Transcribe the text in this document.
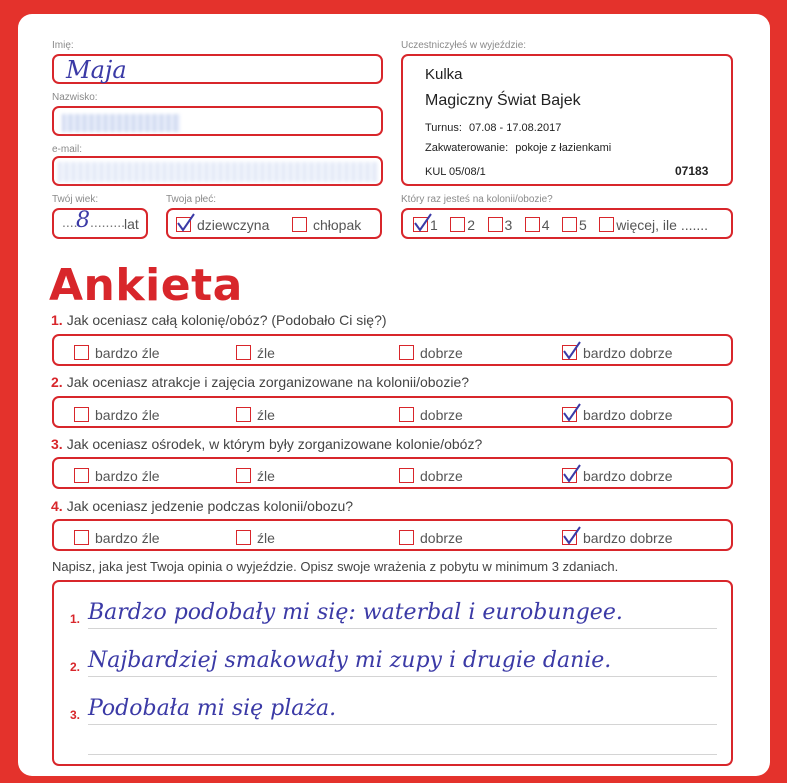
Imię:
Maja
Nazwisko:
e-mail:
Twój wiek:
....
8 .........
lat
Twoja płeć:
dziewczyna	chłopak
Uczestniczyłeś w wyjeździe:
Kulka
Magiczny Świat Bajek
Turnus: 07.08 - 17.08.2017
Zakwaterowanie: pokoje z łazienkami
KUL 05/08/1	07183
Który raz jesteś na kolonii/obozie?
1 2 3 4 5 więcej, ile .......
Ankieta
1. Jak oceniasz całą kolonię/obóz? (Podobało Ci się?)
bardzo źle	źle	dobrze	bardzo dobrze
2. Jak oceniasz atrakcje i zajęcia zorganizowane na kolonii/obozie?
bardzo źle	źle	dobrze	bardzo dobrze
3. Jak oceniasz ośrodek, w którym były zorganizowane kolonie/obóz?
bardzo źle	źle	dobrze	bardzo dobrze
4. Jak oceniasz jedzenie podczas kolonii/obozu?
bardzo źle	źle	dobrze	bardzo dobrze
Napisz, jaka jest Twoja opinia o wyjeździe. Opisz swoje wrażenia z pobytu w minimum 3 zdaniach.
1. Bardzo podobały mi się: waterbal i eurobungee.
2. Najbardziej smakowały mi zupy i drugie danie.
3. Podobała mi się plaża.
